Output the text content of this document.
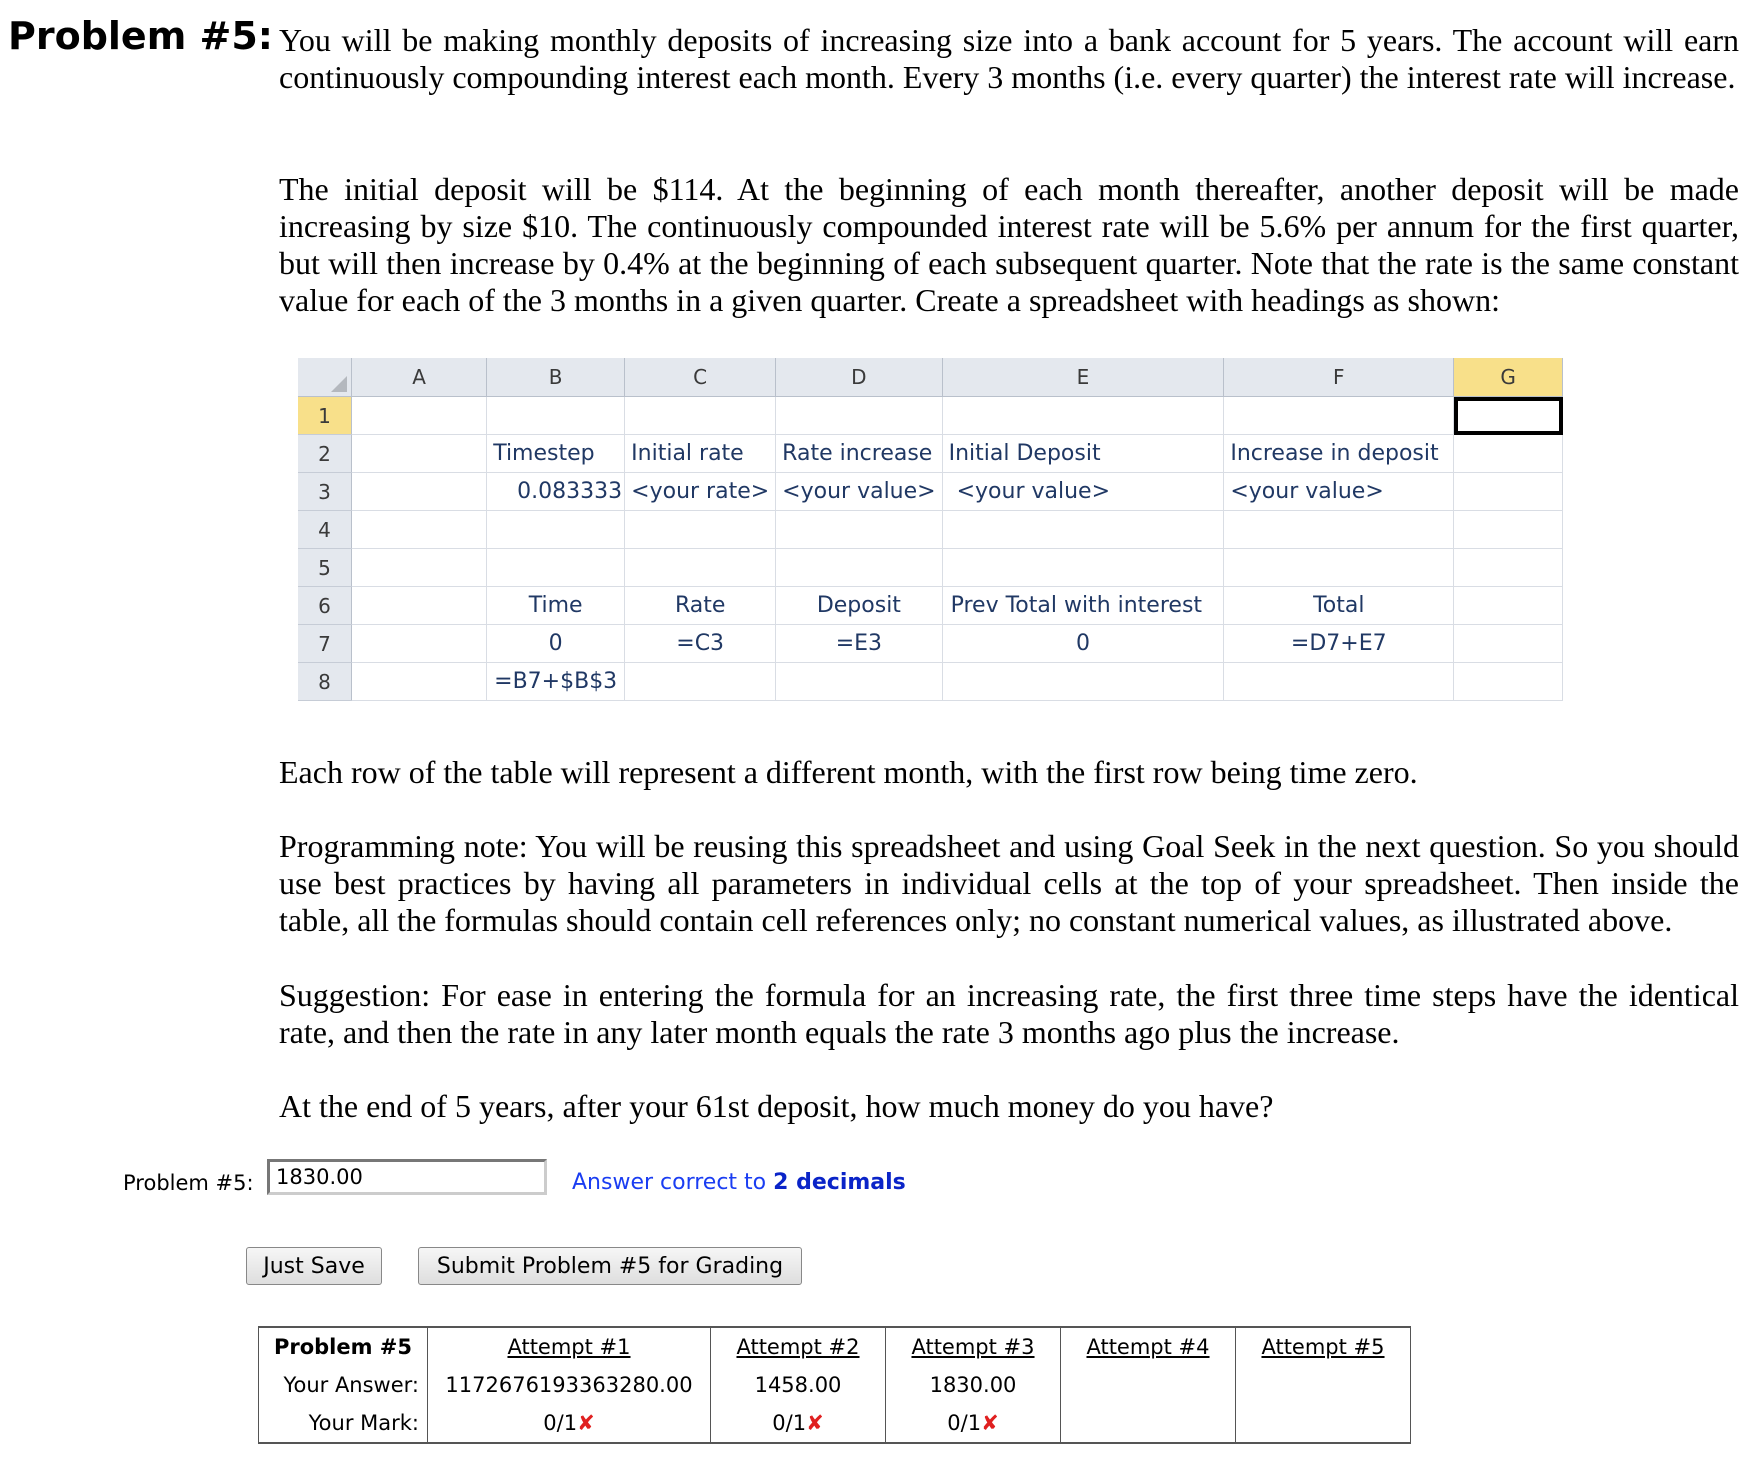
Problem #5: You will be making monthly deposits of increasing size into a bank account for 5 years. The account will earn continuously compounding interest each month. Every 3 months (i.e. every quarter) the interest rate will increase.
The initial deposit will be $114. At the beginning of each month thereafter, another deposit will be made increasing by size $10. The continuously compounded interest rate will be 5.6% per annum for the first quarter, but will then increase by 0.4% at the beginning of each subsequent quarter. Note that the rate is the same constant value for each of the 3 months in a given quarter. Create a spreadsheet with headings as shown:
	A	B	C	D	E	F	G
1							
2		Timestep	Initial rate	Rate increase	Initial Deposit	Increase in deposit	
3		0.083333	<your rate>	<your value>	<your value>	<your value>	
4							
5							
6		Time	Rate	Deposit	Prev Total with interest	Total	
7		0	=C3	=E3	0	=D7+E7	
8		=B7+$B$3					
Each row of the table will represent a different month, with the first row being time zero.
Programming note: You will be reusing this spreadsheet and using Goal Seek in the next question. So you should use best practices by having all parameters in individual cells at the top of your spreadsheet. Then inside the table, all the formulas should contain cell references only; no constant numerical values, as illustrated above.
Suggestion: For ease in entering the formula for an increasing rate, the first three time steps have the identical rate, and then the rate in any later month equals the rate 3 months ago plus the increase.
At the end of 5 years, after your 61st deposit, how much money do you have?
Problem #5:
1830.00	Answer correct to 2 decimals
Just Save	Submit Problem #5 for Grading
Problem #5	Attempt #1	Attempt #2	Attempt #3	Attempt #4	Attempt #5
Your Answer:	1172676193363280.00	1458.00	1830.00		
Your Mark:	0/1✘	0/1✘	0/1✘		
